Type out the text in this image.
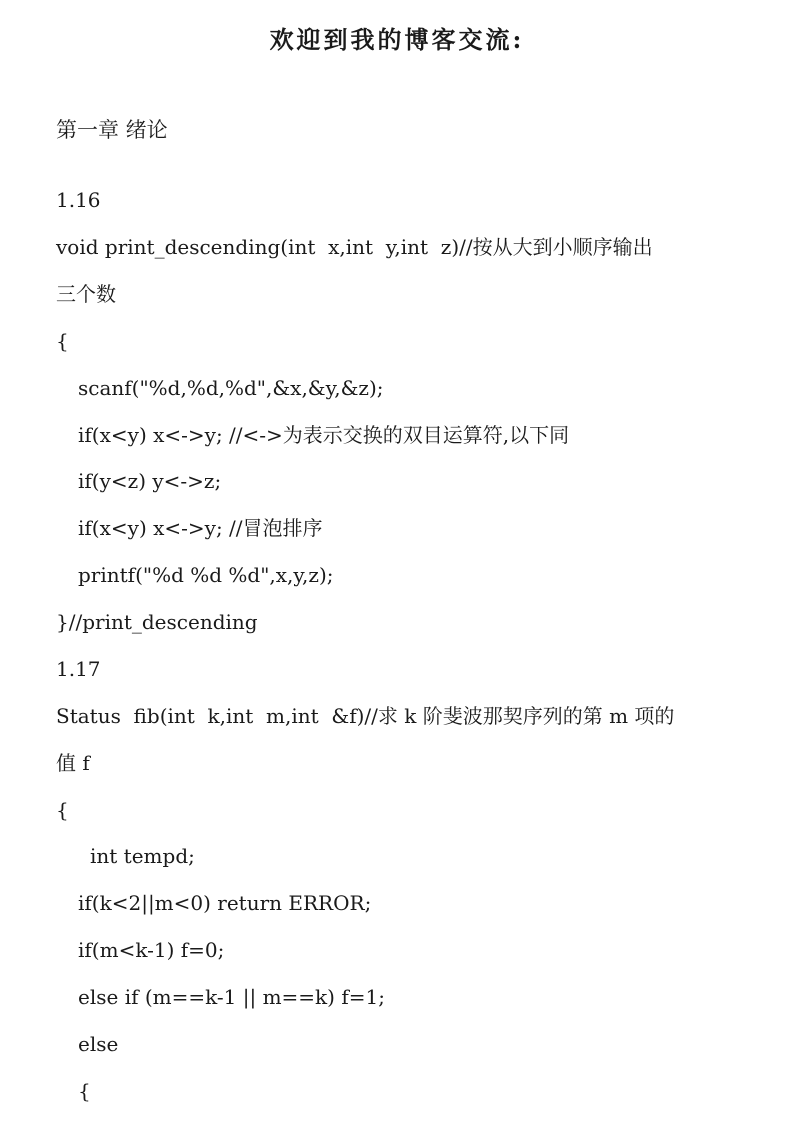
欢迎到我的博客交流:
第一章 绪论
1.16
void print_descending(int  x,int  y,int  z)//按从大到小顺序输出
三个数
{
scanf("%d,%d,%d",&x,&y,&z);
if(x<y) x<->y; //<->为表示交换的双目运算符,以下同
if(y<z) y<->z;
if(x<y) x<->y; //冒泡排序
printf("%d %d %d",x,y,z);
}//print_descending
1.17
Status  fib(int  k,int  m,int  &f)//求 k 阶斐波那契序列的第 m 项的
值 f
{
int tempd;
if(k<2||m<0) return ERROR;
if(m<k-1) f=0;
else if (m==k-1 || m==k) f=1;
else
{
